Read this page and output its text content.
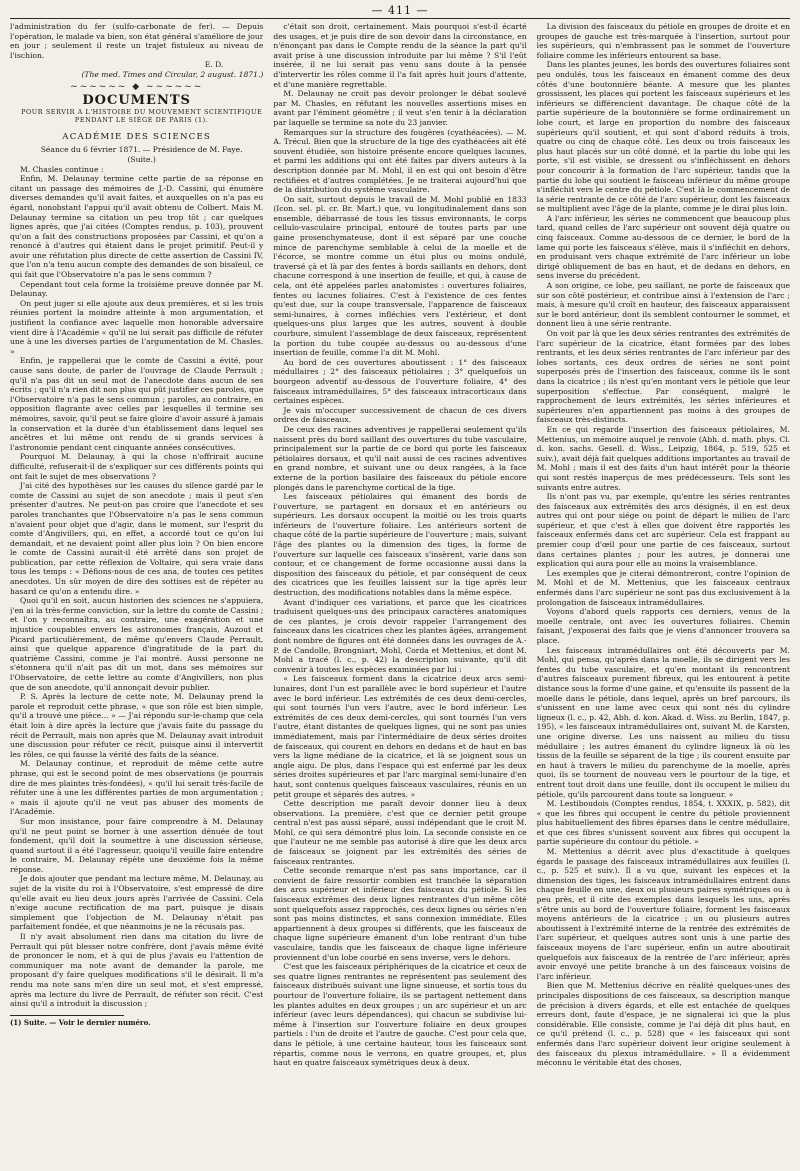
— 411 —

l'administration du fer (sulfo-carbonate de fer). — Depuis l'opération, le malade va bien, son état général s'améliore de jour en jour ; seulement il reste un trajet fistuleux au niveau de l'ischion.

E. D.

(The med. Times and Circular, 2 august. 1871.)

~~~~~~ ◆ ~~~~~~
DOCUMENTS

POUR SERVIR A L'HISTOIRE DU MOUVEMENT SCIENTIFIQUE

PENDANT LE SIÉGE DE PARIS (1).

ACADÉMIE DES SCIENCES

Séance du 6 février 1871. — Présidence de M. Faye.

(Suite.)

M. Chasles continue :

Enfin, M. Delaunay termine cette partie de sa réponse en citant un passage des mémoires de J.-D. Cassini, qui énumère diverses demandes qu'il avait faites, et auxquelles on n'a pas eu égard, nonobstant l'appui qu'il avait obtenu de Colbert. Mais M. Delaunay termine sa citation un peu trop tôt ; car quelques lignes après, que j'ai citées (Comptes rendus, p. 103), prouvent qu'on a fait des constructions proposées par Cassini, et qu'on a renoncé à d'autres qui étaient dans le projet primitif. Peut-il y avoir une réfutation plus directe de cette assertion de Cassini IV, que l'on n'a tenu aucun compte des demandes de son bisaïeul, ce qui fait que l'Observatoire n'a pas le sens commun ?

Cependant tout cela forme la troisième preuve donnée par M. Delaunay.

On peut juger si elle ajoute aux deux premières, et si les trois réunies portent la moindre atteinte à mon argumentation, et justifient la confiance avec laquelle mon honorable adversaire vient dire à l'Académie « qu'il ne lui serait pas difficile de réfuter une à une les diverses parties de l'argumentation de M. Chasles. »

Enfin, je rappellerai que le comte de Cassini a évité, pour cause sans doute, de parler de l'ouvrage de Claude Perrault ; qu'il n'a pas dit un seul mot de l'anecdote dans aucun de ses écrits ; qu'il n'a rien dit non plus qui pût justifier ces paroles, que l'Observatoire n'a pas le sens commun ; paroles, au contraire, en opposition flagrante avec celles par lesquelles il termine ses mémoires, savoir, qu'il peut se faire gloire d'avoir assuré à jamais la conservation et la durée d'un établissement dans lequel ses ancêtres et lui même ont rendu de si grands services à l'astronomie pendant cent cinquante années consécutives.

Pourquoi M. Delaunay, à qui la chose n'offrirait aucune difficulté, refuserait-il de s'expliquer sur ces différents points qui ont fait le sujet de mes observations ?

J'ai cité des hypothèses sur les causes du silence gardé par le comte de Cassini au sujet de son anecdote ; mais il peut s'en présenter d'autres. Ne peut-on pas croire que l'anecdote et ses paroles tranchantes que l'Observatoire n'a pas le sens commun n'avaient pour objet que d'agir, dans le moment, sur l'esprit du comte d'Angivillers, qui, en effet, a accordé tout ce qu'on lui demandait, et ne devaient point aller plus loin ? On bien encore le comte de Cassini aurait-il été arrêté dans son projet de publication, par cette réflexion de Voltaire, qui sera vraie dans tous les temps : « Défions-nous de ces ana, de toutes ces petites anecdotes. Un sûr moyen de dire des sottises est de répéter au hasard ce qu'on a entendu dire. »

Quoi qu'il en soit, aucun historien des sciences ne s'appuiera, j'en ai la très-ferme conviction, sur la lettre du comte de Cassini ; et l'on y reconnaîtra, au contraire, une exagération et une injustice coupables envers les astronomes français, Auzout et Picard particulièrement, de même qu'envers Claude Perrault, ainsi que quelque apparence d'ingratitude de la part du quatrième Cassini, comme je l'ai montré. Aussi personne ne s'étonnera qu'il n'ait pas dit un mot, dans ses mémoires sur l'Observatoire, de cette lettre au comte d'Angivillers, non plus que de son anecdote, qu'il annonçait devoir publier.

P. S. Après la lecture de cette note, M. Delaunay prend la parole et reproduit cette phrase, « que son rôle est bien simple, qu'il a trouvé une pièce... » — J'ai répondu sur-le-champ que cela était loin à dire après la lecture que j'avais faite du passage du récit de Perrault, mais non après que M. Delaunay avait introduit une discussion pour réfuter ce récit, puisque ainsi il intervertit les rôles, ce qui fausse la vérité des faits de la séance.

M. Delaunay continue, et reproduit de même cette autre phrase, qui est le second point de mes observations (je pourrais dire de mes plaintes très-fondées), « qu'il lui serait très-facile de réfuter une à une les différentes parties de mon argumentation ; » mais il ajoute qu'il ne veut pas abuser des moments de l'Académie.

Sur mon insistance, pour faire comprendre à M. Delaunay qu'il ne peut point se borner à une assertion dénuée de tout fondement, qu'il doit la soumettre à une discussion sérieuse, quand surtout il a été l'agresseur, quoiqu'il veuille faire entendre le contraire, M. Delaunay répète une deuxième fois la même réponse.

Je dois ajouter que pendant ma lecture même, M. Delaunay, au sujet de la visite du roi à l'Observatoire, s'est empressé de dire qu'elle avait eu lieu deux jours après l'arrivée de Cassini. Cela n'exige aucune rectification de ma part, puisque je disais simplement que l'objection de M. Delaunay n'était pas parfaitement fondée, et que néanmoins je ne la récusais pas.

Il n'y avait absolument rien dans ma citation du livre de Perrault qui pût blesser notre confrère, dont j'avais même évité de prononcer le nom, et à qui de plus j'avais eu l'attention de communiquer ma note avant de demander la parole, me proposant d'y faire quelques modifications s'il le désirait. Il m'a rendu ma note sans m'en dire un seul mot, et s'est empressé, après ma lecture du livre de Perrault, de réfuter son récit. C'est ainsi qu'il a introduit la discussion ;

(1) Suite. — Voir le dernier numéro.

c'était son droit, certainement. Mais pourquoi s'est-il écarté des usages, et je puis dire de son devoir dans la circonstance, en n'énonçant pas dans le Compte rendu de la séance la part qu'il avait prise à une discussion introduite par lui même ? S'il l'eût insérée, il ne lui serait pas venu sans doute à la pensée d'intervertir les rôles comme il l'a fait après huit jours d'attente, et d'une manière regrettable.

M. Delaunay ne croit pas devoir prolonger le débat soulevé par M. Chasles, en réfutant les nouvelles assertions mises en avant par l'éminent géomètre ; il veut s'en tenir à la déclaration par laquelle se termine sa note du 23 janvier.

Remarques sur la structure des fougères (cyathéacées). — M. A. Trécul. Bien que la structure de la tige des cyathéacées ait été souvent étudiée, son histoire présente encore quelques lacunes, et parmi les additions qui ont été faites par divers auteurs à la description donnée par M. Mohl, il en est qui ont besoin d'être rectifiées et d'autres complétées. Je ne traiterai aujourd'hui que de la distribution du système vasculaire.

On sait, surtout depuis le travail de M. Mohl publié en 1833 (Icon. sel. pl. cr. Br. Mart.) que, vu longitudinalement dans son ensemble, débarrassé de tous les tissus environnants, le corps cellulo-vasculaire principal, entouré de toutes parts par une gaine prosenchymateuse, dont il est séparé par une couche mince de parenchyme semblable à celui de la moelle et de l'écorce, se montre comme un étui plus ou moins ondulé, traversé çà et là par des fentes à bords saillants en dehors, dont chacune correspond à une insertion de feuille, et qui, à cause de cela, ont été appelées parles anatomistes : ouvertures foliaires, fentes ou lacunes foliaires. C'est à l'existence de ces fentes qu'est due, sur la coupe transversale, l'apparence de faisceaux semi-lunaires, à cornes infléchies vers l'extérieur, et dont quelques-uns plus larges que les autres, souvent à double courbure, simulent l'assemblage de deux faisceaux, représentent la portion du tube coupée au-dessus ou au-dessous d'une insertion de feuille, comme l'a dit M. Mohl.

Au bord de ces ouvertures aboutissent : 1° des faisceaux médullaires ; 2° des faisceaux pétiolaires ; 3° quelquefois un bourgeon adventif au-dessous de l'ouverture foliaire, 4° des faisceaux intramédullaires, 5° des faisceaux intracorticaux dans certaines espèces.

Je vais m'occuper successivement de chacun de ces divers ordres de faisceaux.

De ceux des racines adventives je rappellerai seulement qu'ils naissent près du bord saillant des ouvertures du tube vasculaire, principalement sur la partie de ce bord qui porte les faisceaux pétiolaires dorsaux, et qu'il nait aussi de ces racines adventives en grand nombre, et suivant une ou deux rangées, à la face externe de la portion basilaire des faisceaux du pétiole encore plongés dans le parenchyme cortical de la tige.

Les faisceaux pétiolaires qui émanent des bords de l'ouverture, se partagent en dorsaux et en antérieurs ou supérieurs. Les dorsaux occupent la moitié ou les trois quarts inférieurs de l'ouverture foliaire. Les antérieurs sortent de chaque côté de la partie supérieure de l'ouverture ; mais, suivant l'âge des plantes ou la dimension des tiges, la forme de l'ouverture sur laquelle ces faisceaux s'insèrent, varie dans son contour, et ce changement de forme occasionne aussi dans la disposition des faisceaux du pétiole, et par conséquent de ceux des cicatrices que les feuilles laissent sur la tige après leur destruction, des modifications notables dans la même espèce.

Avant d'indiquer ces variations, et parce que les cicatrices traduisent quelques-uns des principaux caractères anatomiques de ces plantes, je crois devoir rappeler l'arrangement des faisceaux dans les cicatrices chez les plantes âgées, arrangement dont nombre de figures ont été données dans les ouvrages de A.-P. de Candolle, Brongniart, Mohl, Corda et Mettenius, et dont M. Mohl a tracé (l. c., p. 42) la description suivante, qu'il dit convenir à toutes les espèces examinées par lui :

« Les faisceaux forment dans la cicatrice deux arcs semi-lunaires, dont l'un est parallèle avec le bord supérieur et l'autre avec le bord inférieur. Les extrémités de ces deux demi-cercles, qui sont tournés l'un vers l'autre, avec le bord inférieur. Les extrémités de ces deux demi-cercles, qui sont tournés l'un vers l'autre, étant distantes de quelques lignes, qui ne sont pas unies immédiatement, mais par l'intermédiaire de deux séries droites de faisceaux, qui courent en dehors en dedans et de haut en bas vers la ligne médiane de la cicatrice, et là se joignent sous un angle aigu. De plus, dans l'espace qui est enfermé par les deux séries droites supérieures et par l'arc marginal semi-lunaire d'en haut, sont contenus quelques faisceaux vasculaires, réunis en un petit groupe et séparés des autres. »

Cette description me paraît devoir donner lieu à deux observations. La première, c'est que ce dernier petit groupe central n'est pas aussi séparé, aussi indépendant que le croit M. Mohl, ce qui sera démontré plus loin. La seconde consiste en ce que l'auteur ne me semble pas autorisé à dire que les deux arcs de faisceaux se joignent par les extrémités des séries de faisceaux rentrantes.

Cette seconde remarque n'est pas sans importance, car il convient de faire ressortir combien est tranchée la séparation des arcs supérieur et inférieur des faisceaux du pétiole. Si les faisceaux extrêmes des deux lignes rentrantes d'un même côté sont quelquefois assez rapprochés, ces deux lignes ou séries n'en sont pas moins distinctes, et sans connexion immédiate. Elles appartiennent à deux groupes si différents, que les faisceaux de chaque ligne supérieure émanent d'un lobe rentrant d'un tube vasculaire, tandis que les faisceaux de chaque ligne inférieure proviennent d'un lobe courbé en sens inverse, vers le dehors.

C'est que les faisceaux périphériques de la cicatrice et ceux de ses quatre lignes rentrantes ne représentent pas seulement des faisceaux distribués suivant une ligne sinueuse, et sortis tous du pourtour de l'ouverture foliaire, ils se partagent nettement dans les plantes adultes en deux groupes ; un arc supérieur et un arc inférieur (avec leurs dépendances), qui chacun se subdivise lui-même à l'insertion sur l'ouverture foliaire en deux groupes partiels : l'un de droite et l'autre de gauche. C'est pour cela que, dans le pétiole, à une certaine hauteur, tous les faisceaux sont répartis, comme nous le verrons, en quatre groupes, et, plus haut en quatre faisceaux symétriques deux à deux.

La division des faisceaux du pétiole en groupes de droite et en groupes de gauche est très-marquée à l'insertion, surtout pour les supérieurs, qui n'embrassent pas le sommet de l'ouverture foliaire comme les inférieurs entourent sa base.

Dans les plantes jeunes, les bords des ouvertures foliaires sont peu ondulés, tous les faisceaux en émanent comme des deux côtés d'une boutonnière béante. A mesure que les plantes grossissent, les places qui portent les faisceaux supérieurs et les inférieurs se différencient davantage. De chaque côté de la partie supérieure de la boutonnière se forme ordinairement un lobe court, et large en proportion du nombre des faisceaux supérieurs qu'il soutient, et qui sont d'abord réduits à trois, quatre ou cinq de chaque côté. Les deux ou trois faisceaux les plus haut placés sur un côté donné, et la partie du lobe qui les porte, s'il est visible, se dressent ou s'infléchissent en dehors pour concourir à la formation de l'arc supérieur, tandis que la partie du lobe qui soutient le faisceau inférieur du même groupe s'infléchit vers le centre du pétiole. C'est là le commencement de la série rentrante de ce côté de l'arc supérieur, dont les faisceaux se multiplient avec l'âge de la plante, comme je le dirai plus loin.

A l'arc inférieur, les séries ne commencent que beaucoup plus tard, quand celles de l'arc supérieur ont souvent déjà quatre ou cinq faisceaux. Comme au-dessous de ce dernier, le bord de la lame qui porte les faisceaux s'élève, mais il s'infléchit en dehors, en produisant vers chaque extrémité de l'arc inférieur un lobe dirigé obliquement de bas en haut, et de dedans en dehors, en sens inverse du précédent.

A son origine, ce lobe, peu saillant, ne porte de faisceaux que sur son côté postérieur, et contribue ainsi à l'extension de l'arc ; mais, à mesure qu'il croît en hauteur, des faisceaux apparaissent sur le bord antérieur, dont ils semblent contourner le sommet, et donnent lieu à une série rentrante.

On voit par là que les deux séries rentrantes des extrémités de l'arc supérieur de la cicatrice, étant formées par des lobes rentrants, et les deux séries rentrantes de l'arc inférieur par des lobes sortants, ces deux ordres de séries ne sont point superposés près de l'insertion des faisceaux, comme ils le sont dans la cicatrice ; ils n'est qu'en montant vers le pétiole que leur superposition s'effectue. Par conséquent, malgré le rapprochement de leurs extrémités, les séries inférieures et supérieures n'en appartiennent pas moins à des groupes de faisceaux très-distincts.

En ce qui regarde l'insertion des faisceaux pétiolaires, M. Mettenius, un mémoire auquel je renvoie (Abh. d. math. phys. Cl. d. kon. sachs. Gesell. d. Wiss., Leipzig, 1864, p. 519, 525 et suiv.), avait déjà fait quelques additions importantes au travail de M. Mohl ; mais il est des faits d'un haut intérêt pour la théorie qui sont restés inaperçus de mes prédécesseurs. Tels sont les suivants entre autres.

Ils n'ont pas vu, par exemple, qu'entre les séries rentrantes des faisceaux aux extrémités des arcs désignés, il en est deux autres qui ont pour siége ou point de départ le milieu de l'arc supérieur, et que c'est à elles que doivent être rapportés les faisceaux enfermés dans cet arc supérieur. Cela est frappant au premier coup d'œil pour une partie de ces faisceaux, surtout dans certaines plantes ; pour les autres, je donnerai une explication qui aura pour elle au moins la vraisemblance.

Les exemples que je citerai démontreront, contre l'opinion de M. Mohl et de M. Mettenius, que les faisceaux centraux enfermés dans l'arc supérieur ne sont pas dus exclusivement à la prolongation de faisceaux intramédullaires.

Voyons d'abord quels rapports ces derniers, venus de la moelle centrale, ont avec les ouvertures foliaires. Chemin faisant, j'exposerai des faits que je viens d'annoncer trouvera sa place.

Les faisceaux intramédullaires ont été découverts par M. Mohl, qui pensa, qu'après dans la moelle, ils se dirigent vers les fentes du tube vasculaire, et qu'en montant ils rencontrent d'autres faisceaux purement fibreux, qui les entourent à petite distance sous la forme d'une gaine, et qu'ensuite ils passent de la moelle dans le pétiole, dans lequel, après un bref parcours, ils s'unissent en une lame avec ceux qui sont nés du cylindre ligneux (l. c., p. 42, Abh. d. kon. Akad. d. Wiss. zu Berlin, 1847, p. 195), « les faisceaux intramédullaires ont, suivant M. de Karsten, une origine diverse. Les uns naissent au milieu du tissu médullaire ; les autres émanent du cylindre ligneux là où les tissus de la feuille se séparent de la tige ; ils courent ensuite par en haut à travers le milieu du parenchyme de la moelle, après quoi, ils se tournent de nouveau vers le pourtour de la tige, et entrent tout droit dans une feuille, dont ils occupent le milieu du pétiole, qu'ils parcourent dans toute sa longueur. »

M. Lestiboudois (Comptes rendus, 1854, t. XXXIX, p. 582), dit « que les fibres qui occupent le centre du pétiole proviennent plus habituellement des fibres éparses dans le centre médullaire, et que ces fibres s'unissent souvent aux fibres qui occupent la partie supérieure du contour du pétiole. »

M. Mettenius a décrit avec plus d'exactitude à quelques égards le passage des faisceaux intramédullaires aux feuilles (l. c., p. 525 et suiv.). Il a vu que, suivant les espèces et la dimension des tiges, les faisceaux intramédullaires entrent dans chaque feuille en une, deux ou plusieurs paires symétriques ou à peu près, et il cite des exemples dans lesquels les uns, après s'être unis au bord de l'ouverture foliaire, forment les faisceaux moyens antérieurs de la cicatrice ; un ou plusieurs autres aboutissent à l'extrémité interne de la rentrée des extrémités de l'arc supérieur, et quelques autres sont unis à une partie des faisceaux moyens de l'arc supérieur, enfin un autre aboutirait quelquefois aux faisceaux de la rentrée de l'arc inférieur, après avoir envoyé une petite branche à un des faisceaux voisins de l'arc inférieur.

Bien que M. Mettenius décrive en réalité quelques-unes des principales dispositions de ces faisceaux, sa description manque de précision à divers égards, et elle est entachée de quelques erreurs dont, faute d'espace, je ne signalerai ici que la plus considérable. Elle consiste, comme je l'ai déjà dit plus haut, en ce qu'il prétend (l. c., p. 528) que « les faisceaux qui sont enfermés dans l'arc supérieur doivent leur origine seulement à des faisceaux du plexus intramédullaire. » Il a évidemment méconnu le véritable état des choses,
